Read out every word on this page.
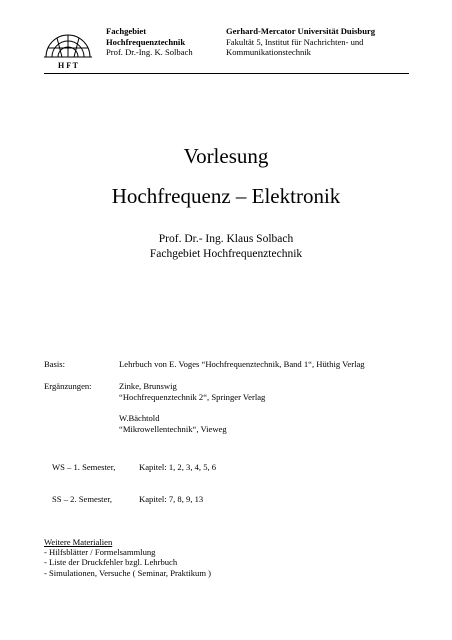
H F T
Fachgebiet
Hochfrequenztechnik
Prof. Dr.-Ing. K. Solbach
Gerhard-Mercator Universität Duisburg
Fakultät 5, Institut für Nachrichten- und
Kommunikationstechnik
Vorlesung
Hochfrequenz – Elektronik
Prof. Dr.- Ing. Klaus Solbach
Fachgebiet Hochfrequenztechnik
Basis:	Lehrbuch von E. Voges “Hochfrequenztechnik, Band 1“, Hüthig Verlag
Ergänzungen:	Zinke, Brunswig
“Hochfrequenztechnik 2“, Springer Verlag
W.Bächtold
“Mikrowellentechnik“, Vieweg
WS – 1. Semester,	Kapitel: 1, 2, 3, 4, 5, 6
SS – 2. Semester,	Kapitel: 7, 8, 9, 13
Weitere Materialien
- Hilfsblätter / Formelsammlung
- Liste der Druckfehler bzgl. Lehrbuch
- Simulationen, Versuche ( Seminar, Praktikum )
